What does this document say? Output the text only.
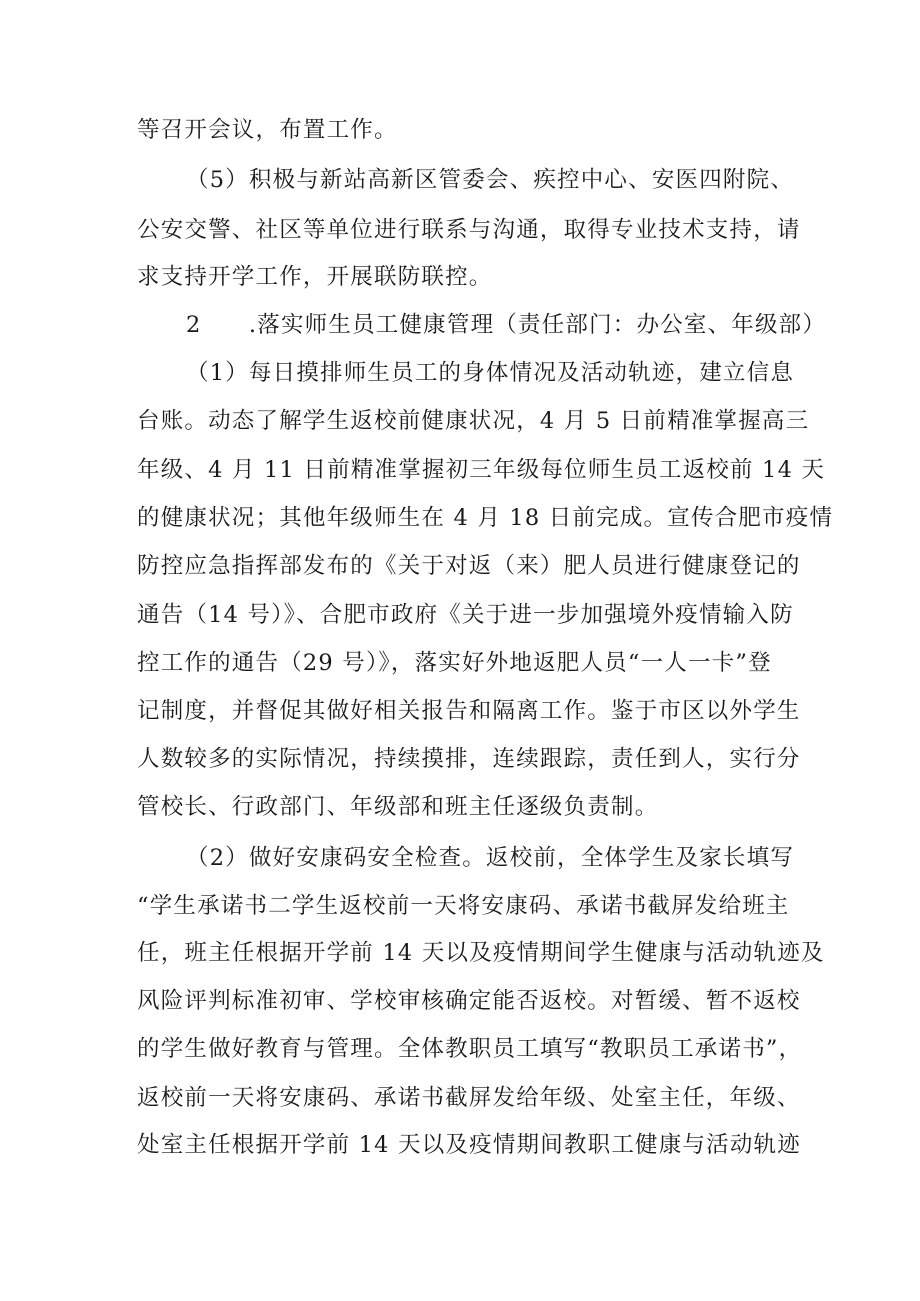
等召开会议，布置工作。
（5）积极与新站高新区管委会、疾控中心、安医四附院、
公安交警、社区等单位进行联系与沟通，取得专业技术支持，请
求支持开学工作，开展联防联控。
2　　.落实师生员工健康管理（责任部门：办公室、年级部）
（1）每日摸排师生员工的身体情况及活动轨迹，建立信息
台账。动态了解学生返校前健康状况，4 月 5 日前精准掌握高三
年级、4 月 11 日前精准掌握初三年级每位师生员工返校前 14 天
的健康状况；其他年级师生在 4 月 18 日前完成。宣传合肥市疫情
防控应急指挥部发布的《关于对返（来）肥人员进行健康登记的
通告（14 号）》、合肥市政府《关于进一步加强境外疫情输入防
控工作的通告（29 号）》，落实好外地返肥人员“一人一卡”登
记制度，并督促其做好相关报告和隔离工作。鉴于市区以外学生
人数较多的实际情况，持续摸排，连续跟踪，责任到人，实行分
管校长、行政部门、年级部和班主任逐级负责制。
（2）做好安康码安全检查。返校前，全体学生及家长填写
“学生承诺书二学生返校前一天将安康码、承诺书截屏发给班主
任，班主任根据开学前 14 天以及疫情期间学生健康与活动轨迹及
风险评判标准初审、学校审核确定能否返校。对暂缓、暂不返校
的学生做好教育与管理。全体教职员工填写“教职员工承诺书”，
返校前一天将安康码、承诺书截屏发给年级、处室主任，年级、
处室主任根据开学前 14 天以及疫情期间教职工健康与活动轨迹
